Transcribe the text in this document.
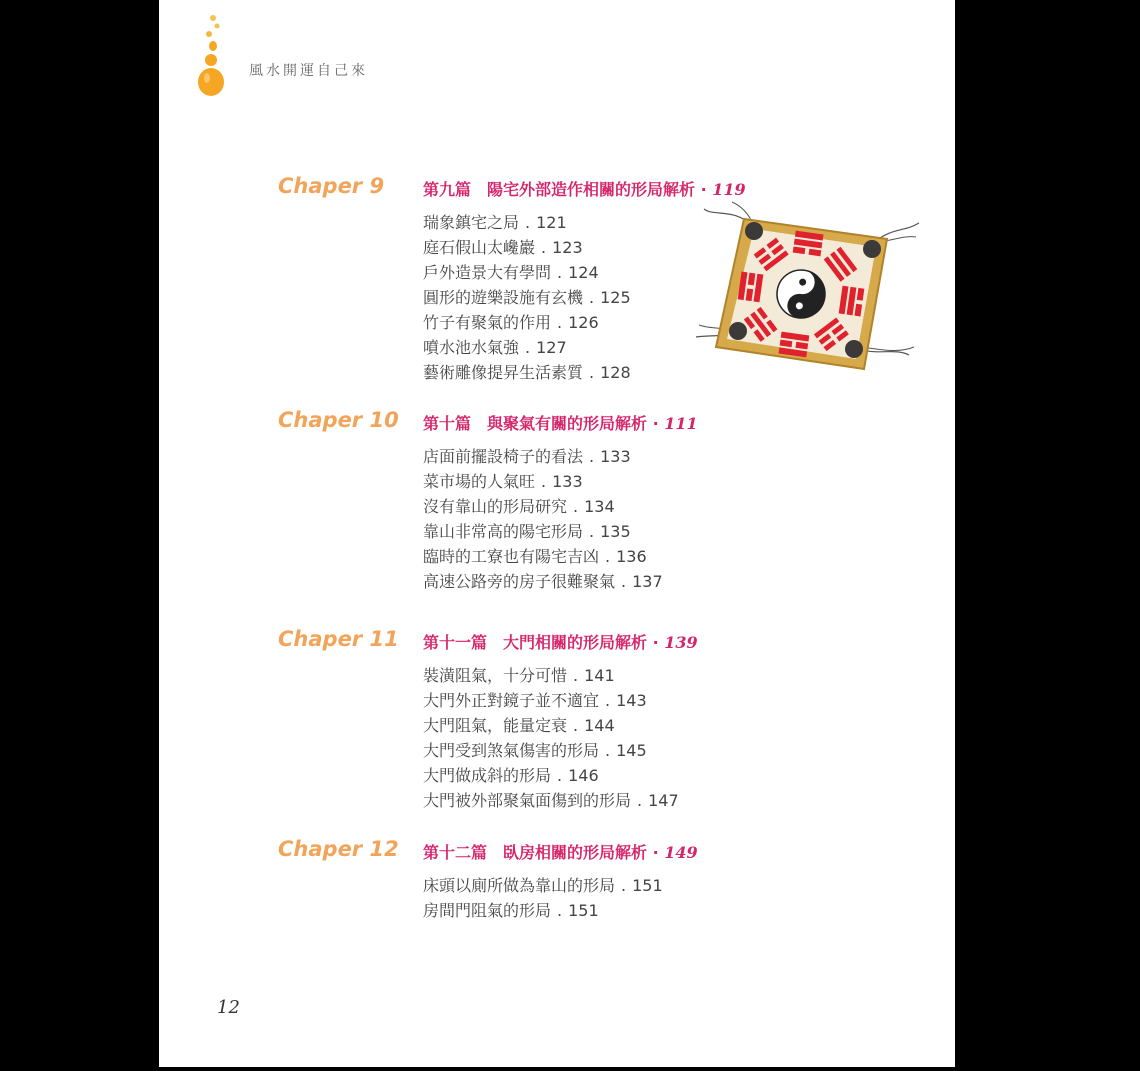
風水開運自己來
Chaper 9 第九篇 陽宅外部造作相關的形局解析 · 119
瑞象鎮宅之局 . 121
庭石假山太巉巖 . 123
戶外造景大有學問 . 124
圓形的遊樂設施有玄機 . 125
竹子有聚氣的作用 . 126
噴水池水氣強 . 127
藝術雕像提昇生活素質 . 128
Chaper 10 第十篇 與聚氣有關的形局解析 · 111
店面前擺設椅子的看法 . 133
菜市場的人氣旺 . 133
沒有靠山的形局研究 . 134
靠山非常高的陽宅形局 . 135
臨時的工寮也有陽宅吉凶 . 136
高速公路旁的房子很難聚氣 . 137
Chaper 11 第十一篇 大門相關的形局解析 · 139
裝潢阻氣，十分可惜 . 141
大門外正對鏡子並不適宜 . 143
大門阻氣，能量定衰 . 144
大門受到煞氣傷害的形局 . 145
大門做成斜的形局 . 146
大門被外部聚氣面傷到的形局 . 147
Chaper 12 第十二篇 臥房相關的形局解析 · 149
床頭以廁所做為靠山的形局 . 151
房間門阻氣的形局 . 151
12
